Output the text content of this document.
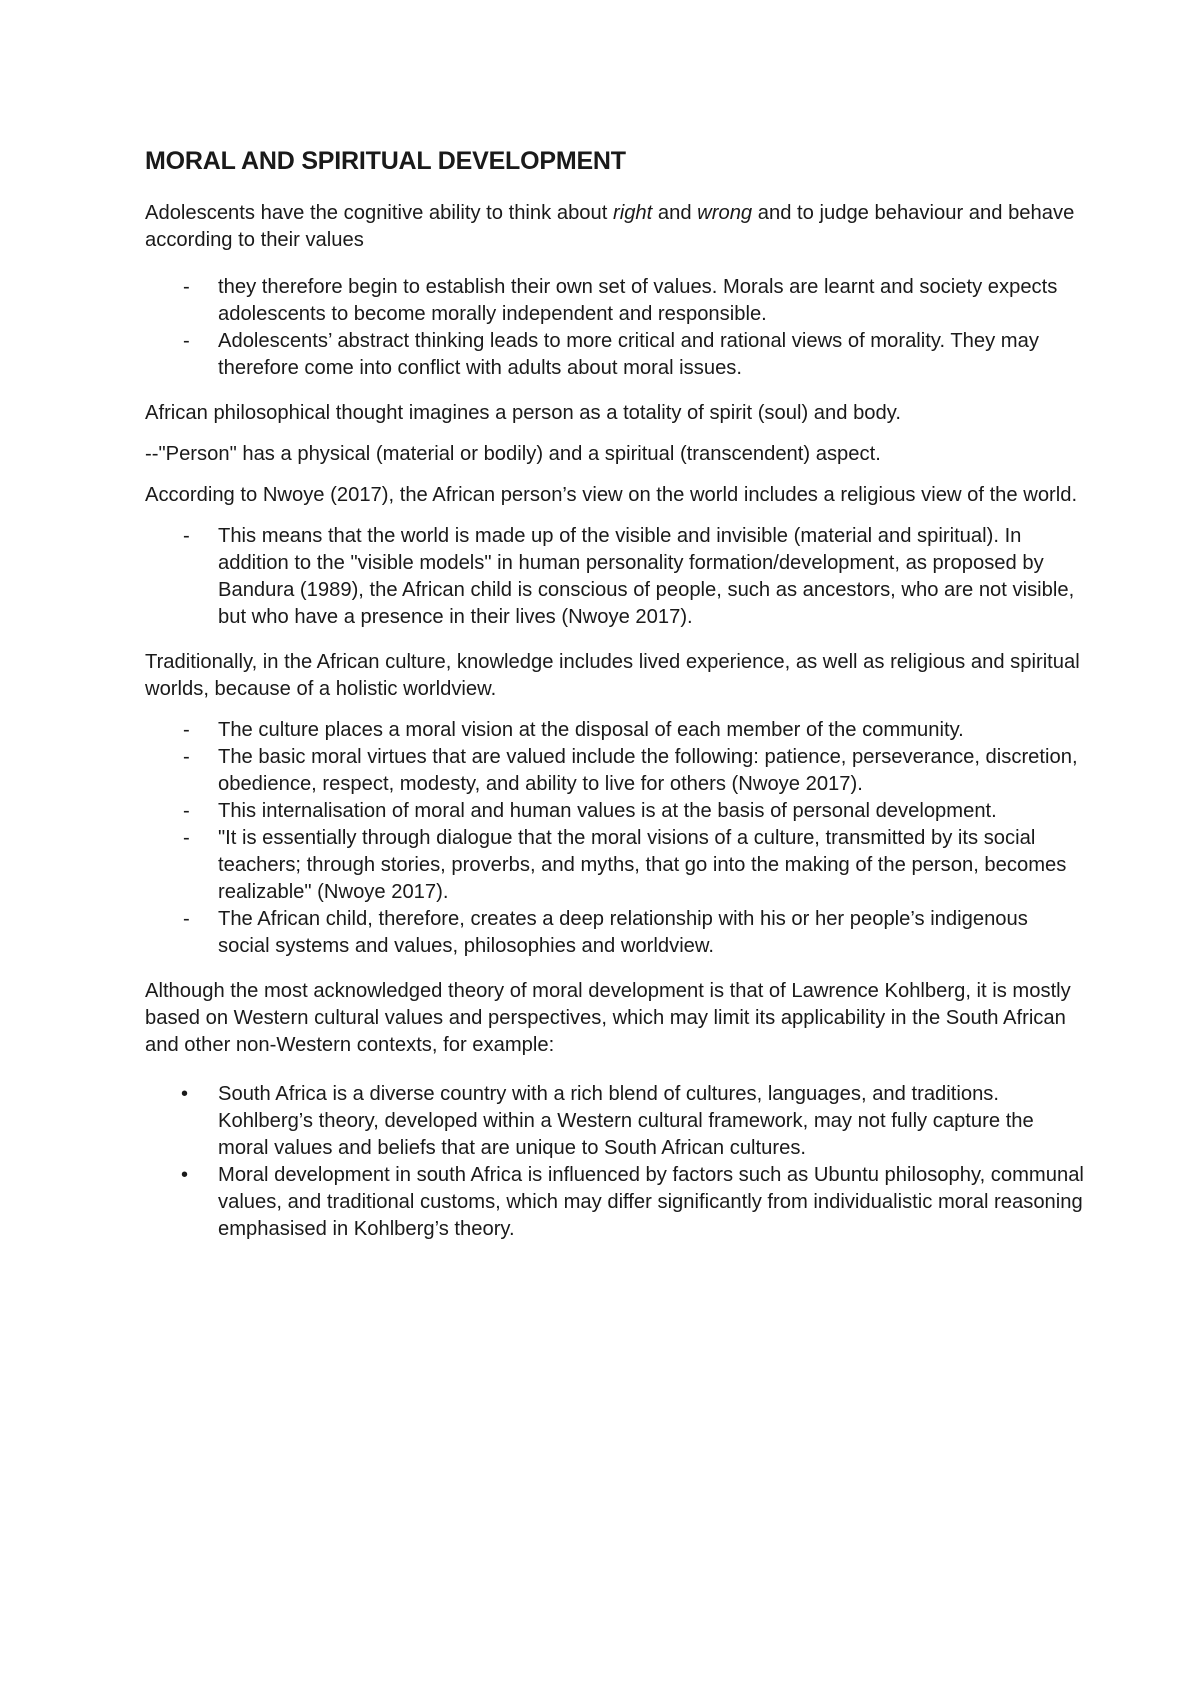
MORAL AND SPIRITUAL DEVELOPMENT

Adolescents have the cognitive ability to think about right and wrong and to judge behaviour and behave according to their values

- they therefore begin to establish their own set of values. Morals are learnt and society expects adolescents to become morally independent and responsible.
- Adolescents’ abstract thinking leads to more critical and rational views of morality. They may therefore come into conflict with adults about moral issues.

African philosophical thought imagines a person as a totality of spirit (soul) and body.

--"Person" has a physical (material or bodily) and a spiritual (transcendent) aspect.

According to Nwoye (2017), the African person’s view on the world includes a religious view of the world.

- This means that the world is made up of the visible and invisible (material and spiritual). In addition to the "visible models" in human personality formation/development, as proposed by Bandura (1989), the African child is conscious of people, such as ancestors, who are not visible, but who have a presence in their lives (Nwoye 2017).

Traditionally, in the African culture, knowledge includes lived experience, as well as religious and spiritual worlds, because of a holistic worldview.

- The culture places a moral vision at the disposal of each member of the community.
- The basic moral virtues that are valued include the following: patience, perseverance, discretion, obedience, respect, modesty, and ability to live for others (Nwoye 2017).
- This internalisation of moral and human values is at the basis of personal development.
- "It is essentially through dialogue that the moral visions of a culture, transmitted by its social teachers; through stories, proverbs, and myths, that go into the making of the person, becomes realizable" (Nwoye 2017).
- The African child, therefore, creates a deep relationship with his or her people’s indigenous social systems and values, philosophies and worldview.

Although the most acknowledged theory of moral development is that of Lawrence Kohlberg, it is mostly based on Western cultural values and perspectives, which may limit its applicability in the South African and other non-Western contexts, for example:

• South Africa is a diverse country with a rich blend of cultures, languages, and traditions. Kohlberg’s theory, developed within a Western cultural framework, may not fully capture the moral values and beliefs that are unique to South African cultures.
• Moral development in south Africa is influenced by factors such as Ubuntu philosophy, communal values, and traditional customs, which may differ significantly from individualistic moral reasoning emphasised in Kohlberg’s theory.
